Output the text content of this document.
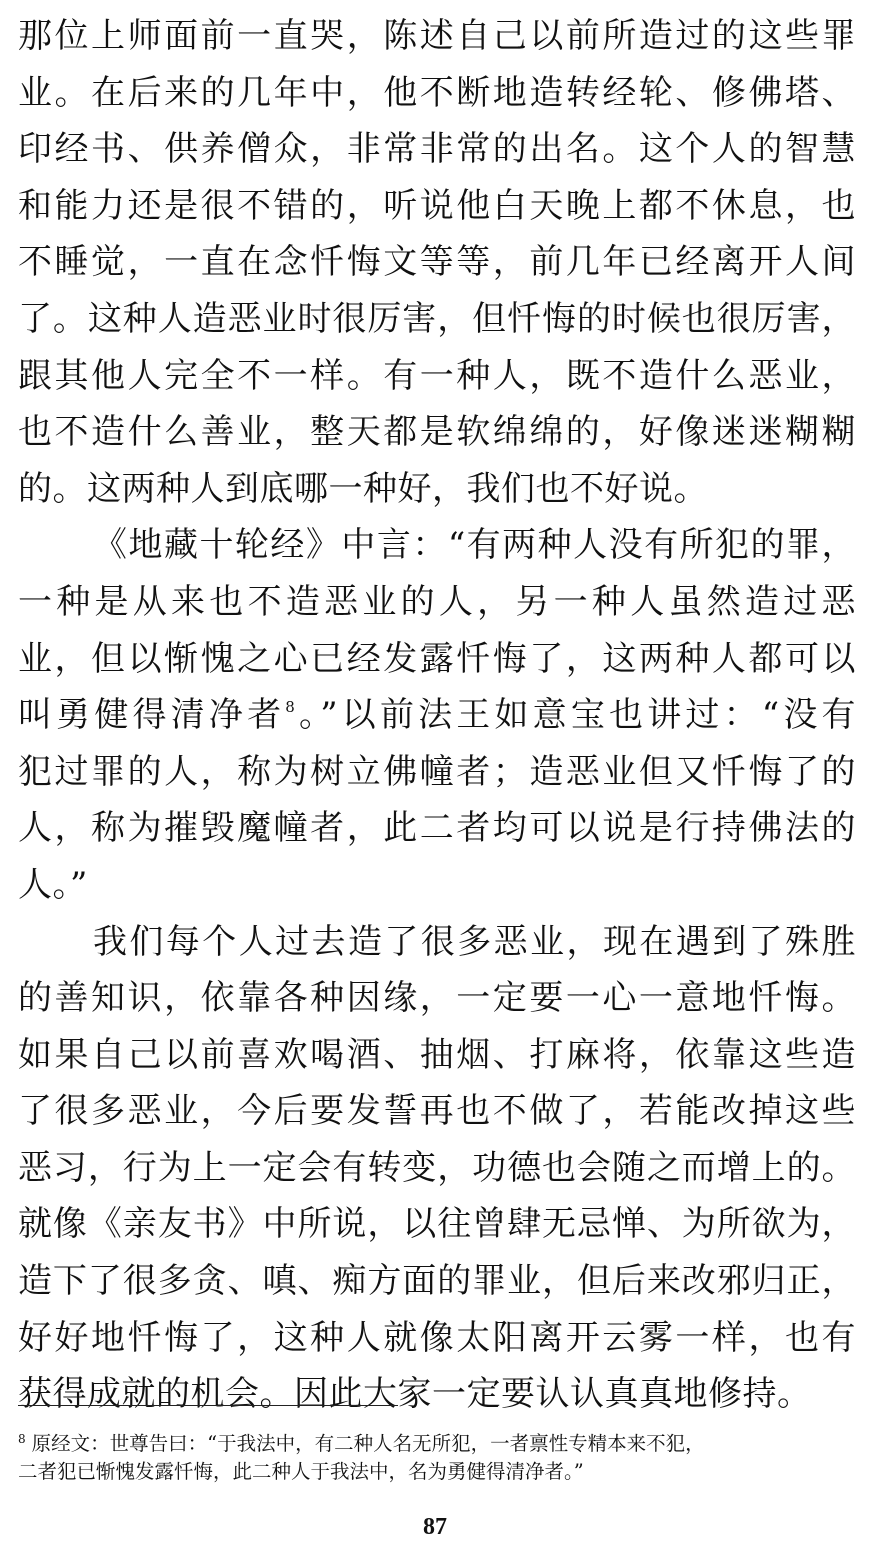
那位上师面前一直哭，陈述自己以前所造过的这些罪
业。在后来的几年中，他不断地造转经轮、修佛塔、
印经书、供养僧众，非常非常的出名。这个人的智慧
和能力还是很不错的，听说他白天晚上都不休息，也
不睡觉，一直在念忏悔文等等，前几年已经离开人间
了。这种人造恶业时很厉害，但忏悔的时候也很厉害，
跟其他人完全不一样。有一种人，既不造什么恶业，
也不造什么善业，整天都是软绵绵的，好像迷迷糊糊
的。这两种人到底哪一种好，我们也不好说。
《地藏十轮经》中言：“有两种人没有所犯的罪，
一种是从来也不造恶业的人，另一种人虽然造过恶
业，但以惭愧之心已经发露忏悔了，这两种人都可以
叫勇健得清净者$^8$。”以前法王如意宝也讲过：“没有
犯过罪的人，称为树立佛幢者；造恶业但又忏悔了的
人，称为摧毁魔幢者，此二者均可以说是行持佛法的
人。”
我们每个人过去造了很多恶业，现在遇到了殊胜
的善知识，依靠各种因缘，一定要一心一意地忏悔。
如果自己以前喜欢喝酒、抽烟、打麻将，依靠这些造
了很多恶业，今后要发誓再也不做了，若能改掉这些
恶习，行为上一定会有转变，功德也会随之而增上的。
就像《亲友书》中所说，以往曾肆无忌惮、为所欲为，
造下了很多贪、嗔、痴方面的罪业，但后来改邪归正，
好好地忏悔了，这种人就像太阳离开云雾一样，也有
获得成就的机会。因此大家一定要认认真真地修持。
$^8$ 原经文：世尊告曰：“于我法中，有二种人名无所犯，一者禀性专精本来不犯，
二者犯已惭愧发露忏悔，此二种人于我法中，名为勇健得清净者。”
87
